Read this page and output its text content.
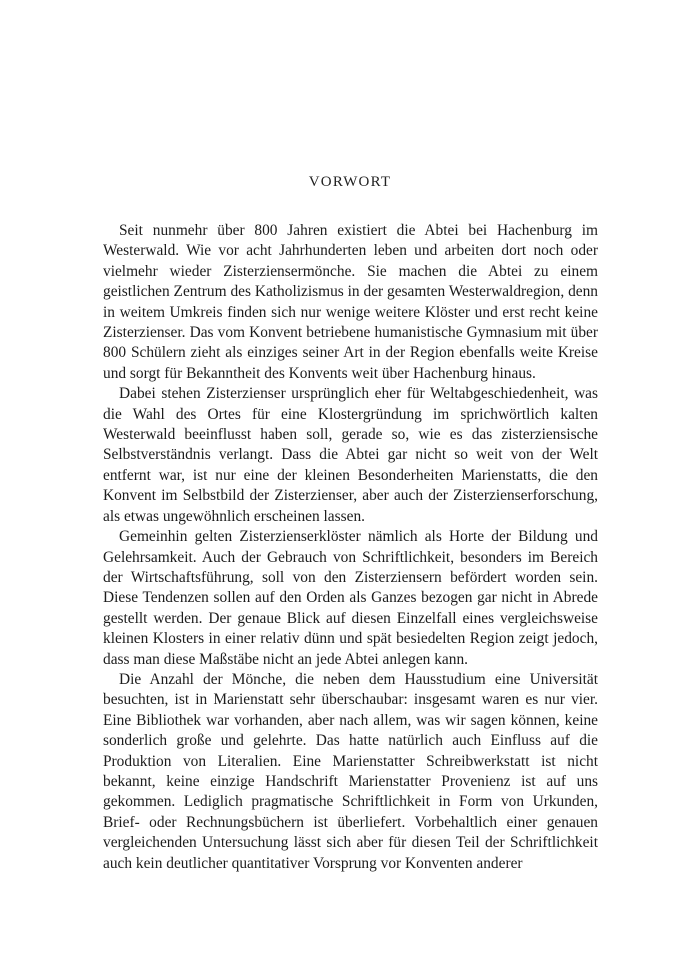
VORWORT

Seit nunmehr über 800 Jahren existiert die Abtei bei Hachenburg im Westerwald. Wie vor acht Jahrhunderten leben und arbeiten dort noch oder vielmehr wieder Zisterziensermönche. Sie machen die Abtei zu einem geistlichen Zentrum des Katholizismus in der gesamten Westerwaldregion, denn in weitem Umkreis finden sich nur wenige weitere Klöster und erst recht keine Zisterzienser. Das vom Konvent betriebene humanistische Gymnasium mit über 800 Schülern zieht als einziges seiner Art in der Region ebenfalls weite Kreise und sorgt für Bekanntheit des Konvents weit über Hachenburg hinaus.

Dabei stehen Zisterzienser ursprünglich eher für Weltabgeschiedenheit, was die Wahl des Ortes für eine Klostergründung im sprichwörtlich kalten Westerwald beeinflusst haben soll, gerade so, wie es das zisterziensische Selbstverständnis verlangt. Dass die Abtei gar nicht so weit von der Welt entfernt war, ist nur eine der kleinen Besonderheiten Marienstatts, die den Konvent im Selbstbild der Zisterzienser, aber auch der Zisterzienserforschung, als etwas ungewöhnlich erscheinen lassen.

Gemeinhin gelten Zisterzienserklöster nämlich als Horte der Bildung und Gelehrsamkeit. Auch der Gebrauch von Schriftlichkeit, besonders im Bereich der Wirtschaftsführung, soll von den Zisterziensern befördert worden sein. Diese Tendenzen sollen auf den Orden als Ganzes bezogen gar nicht in Abrede gestellt werden. Der genaue Blick auf diesen Einzelfall eines vergleichsweise kleinen Klosters in einer relativ dünn und spät besiedelten Region zeigt jedoch, dass man diese Maßstäbe nicht an jede Abtei anlegen kann.

Die Anzahl der Mönche, die neben dem Hausstudium eine Universität besuchten, ist in Marienstatt sehr überschaubar: insgesamt waren es nur vier. Eine Bibliothek war vorhanden, aber nach allem, was wir sagen können, keine sonderlich große und gelehrte. Das hatte natürlich auch Einfluss auf die Produktion von Literalien. Eine Marienstatter Schreibwerkstatt ist nicht bekannt, keine einzige Handschrift Marienstatter Provenienz ist auf uns gekommen. Lediglich pragmatische Schriftlichkeit in Form von Urkunden, Brief- oder Rechnungsbüchern ist überliefert. Vorbehaltlich einer genauen vergleichenden Untersuchung lässt sich aber für diesen Teil der Schriftlichkeit auch kein deutlicher quantitativer Vorsprung vor Konventen anderer
